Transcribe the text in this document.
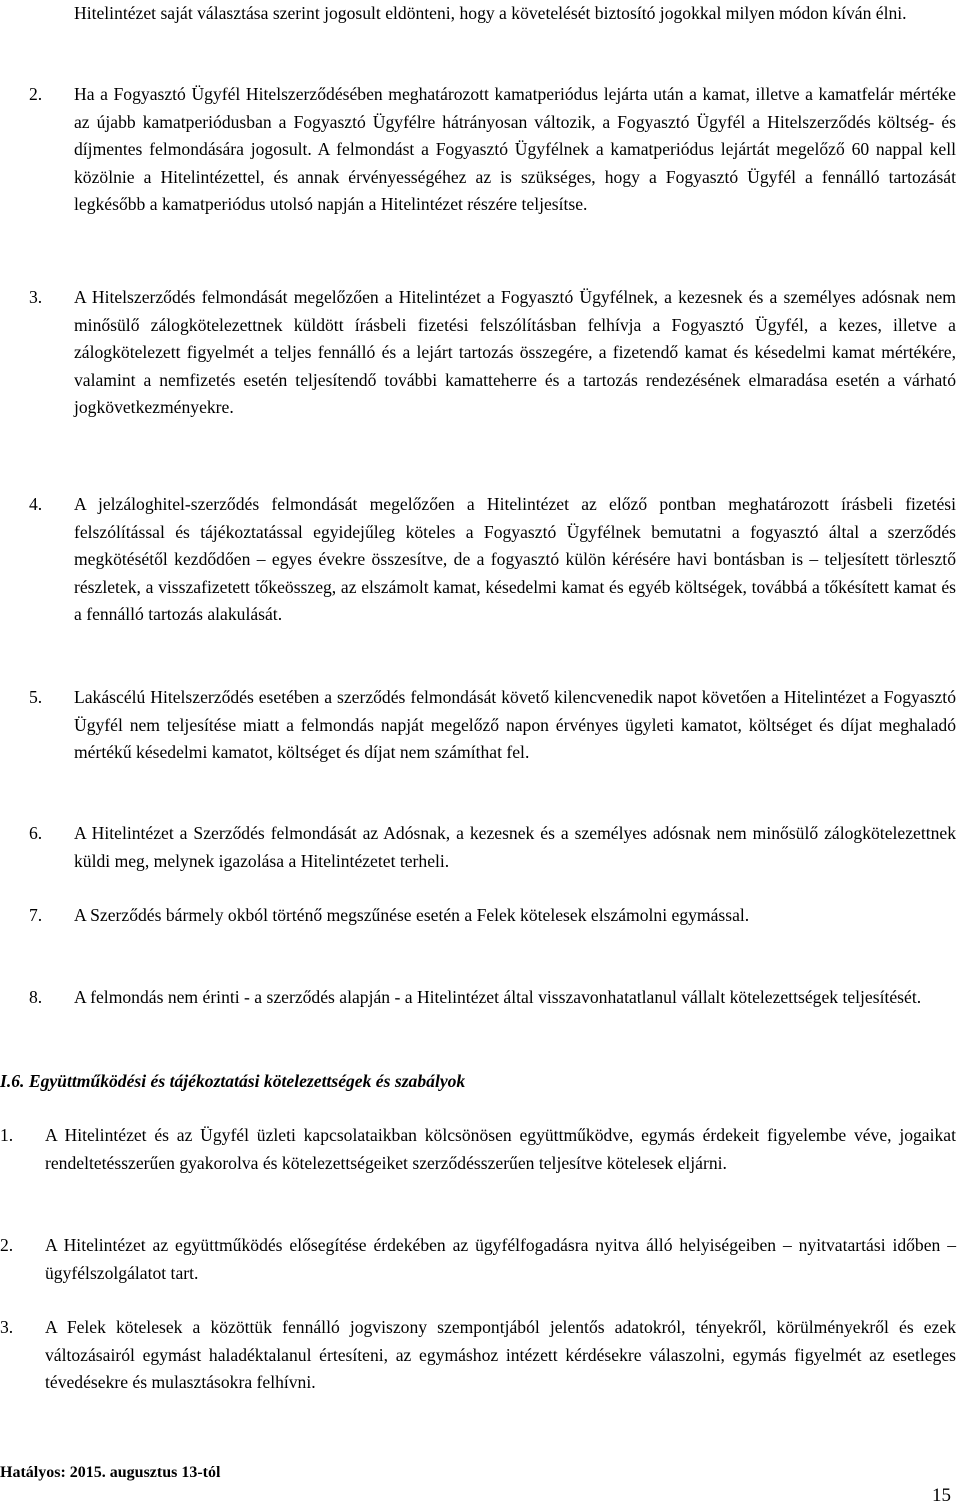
Hitelintézet saját választása szerint jogosult eldönteni, hogy a követelését biztosító jogokkal milyen módon kíván élni.
2. Ha a Fogyasztó Ügyfél Hitelszerződésében meghatározott kamatperiódus lejárta után a kamat, illetve a kamatfelár mértéke az újabb kamatperiódusban a Fogyasztó Ügyfélre hátrányosan változik, a Fogyasztó Ügyfél a Hitelszerződés költség- és díjmentes felmondására jogosult. A felmondást a Fogyasztó Ügyfélnek a kamatperiódus lejártát megelőző 60 nappal kell közölnie a Hitelintézettel, és annak érvényességéhez az is szükséges, hogy a Fogyasztó Ügyfél a fennálló tartozását legkésőbb a kamatperiódus utolsó napján a Hitelintézet részére teljesítse.
3. A Hitelszerződés felmondását megelőzően a Hitelintézet a Fogyasztó Ügyfélnek, a kezesnek és a személyes adósnak nem minősülő zálogkötelezettnek küldött írásbeli fizetési felszólításban felhívja a Fogyasztó Ügyfél, a kezes, illetve a zálogkötelezett figyelmét a teljes fennálló és a lejárt tartozás összegére, a fizetendő kamat és késedelmi kamat mértékére, valamint a nemfizetés esetén teljesítendő további kamatteherre és a tartozás rendezésének elmaradása esetén a várható jogkövetkezményekre.
4. A jelzáloghitel-szerződés felmondását megelőzően a Hitelintézet az előző pontban meghatározott írásbeli fizetési felszólítással és tájékoztatással egyidejűleg köteles a Fogyasztó Ügyfélnek bemutatni a fogyasztó által a szerződés megkötésétől kezdődően – egyes évekre összesítve, de a fogyasztó külön kérésére havi bontásban is – teljesített törlesztő részletek, a visszafizetett tőkeösszeg, az elszámolt kamat, késedelmi kamat és egyéb költségek, továbbá a tőkésített kamat és a fennálló tartozás alakulását.
5. Lakáscélú Hitelszerződés esetében a szerződés felmondását követő kilencvenedik napot követően a Hitelintézet a Fogyasztó Ügyfél nem teljesítése miatt a felmondás napját megelőző napon érvényes ügyleti kamatot, költséget és díjat meghaladó mértékű késedelmi kamatot, költséget és díjat nem számíthat fel.
6. A Hitelintézet a Szerződés felmondását az Adósnak, a kezesnek és a személyes adósnak nem minősülő zálogkötelezettnek küldi meg, melynek igazolása a Hitelintézetet terheli.
7. A Szerződés bármely okból történő megszűnése esetén a Felek kötelesek elszámolni egymással.
8. A felmondás nem érinti - a szerződés alapján - a Hitelintézet által visszavonhatatlanul vállalt kötelezettségek teljesítését.
I.6. Együttműködési és tájékoztatási kötelezettségek és szabályok
1. A Hitelintézet és az Ügyfél üzleti kapcsolataikban kölcsönösen együttműködve, egymás érdekeit figyelembe véve, jogaikat rendeltetésszerűen gyakorolva és kötelezettségeiket szerződésszerűen teljesítve kötelesek eljárni.
2. A Hitelintézet az együttműködés elősegítése érdekében az ügyfélfogadásra nyitva álló helyiségeiben – nyitvatartási időben – ügyfélszolgálatot tart.
3. A Felek kötelesek a közöttük fennálló jogviszony szempontjából jelentős adatokról, tényekről, körülményekről és ezek változásairól egymást haladéktalanul értesíteni, az egymáshoz intézett kérdésekre válaszolni, egymás figyelmét az esetleges tévedésekre és mulasztásokra felhívni.
Hatályos: 2015. augusztus 13-tól
15
